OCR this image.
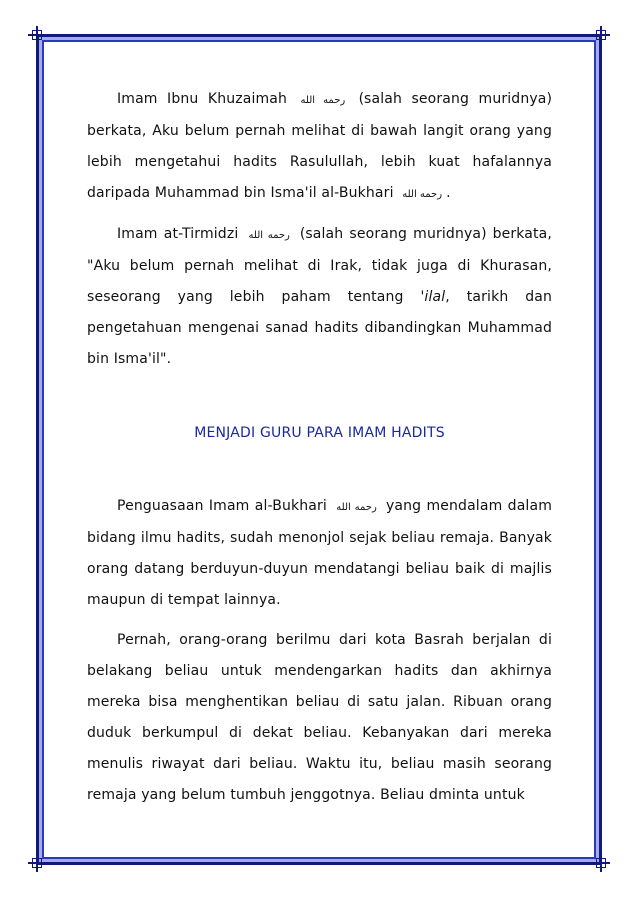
Imam Ibnu Khuzaimah رحمه الله (salah seorang muridnya) berkata, Aku belum pernah melihat di bawah langit orang yang lebih mengetahui hadits Rasulullah, lebih kuat hafalannya daripada Muhammad bin Isma'il al-Bukhari رحمه الله .

Imam at-Tirmidzi رحمه الله (salah seorang muridnya) berkata, "Aku belum pernah melihat di Irak, tidak juga di Khurasan, seseorang yang lebih paham tentang 'ilal, tarikh dan pengetahuan mengenai sanad hadits dibandingkan Muhammad bin Isma'il".

MENJADI GURU PARA IMAM HADITS

Penguasaan Imam al-Bukhari رحمه الله yang mendalam dalam bidang ilmu hadits, sudah menonjol sejak beliau remaja. Banyak orang datang berduyun-duyun mendatangi beliau baik di majlis maupun di tempat lainnya.

Pernah, orang-orang berilmu dari kota Basrah berjalan di belakang beliau untuk mendengarkan hadits dan akhirnya mereka bisa menghentikan beliau di satu jalan. Ribuan orang duduk berkumpul di dekat beliau. Kebanyakan dari mereka menulis riwayat dari beliau. Waktu itu, beliau masih seorang remaja yang belum tumbuh jenggotnya. Beliau dminta untuk
